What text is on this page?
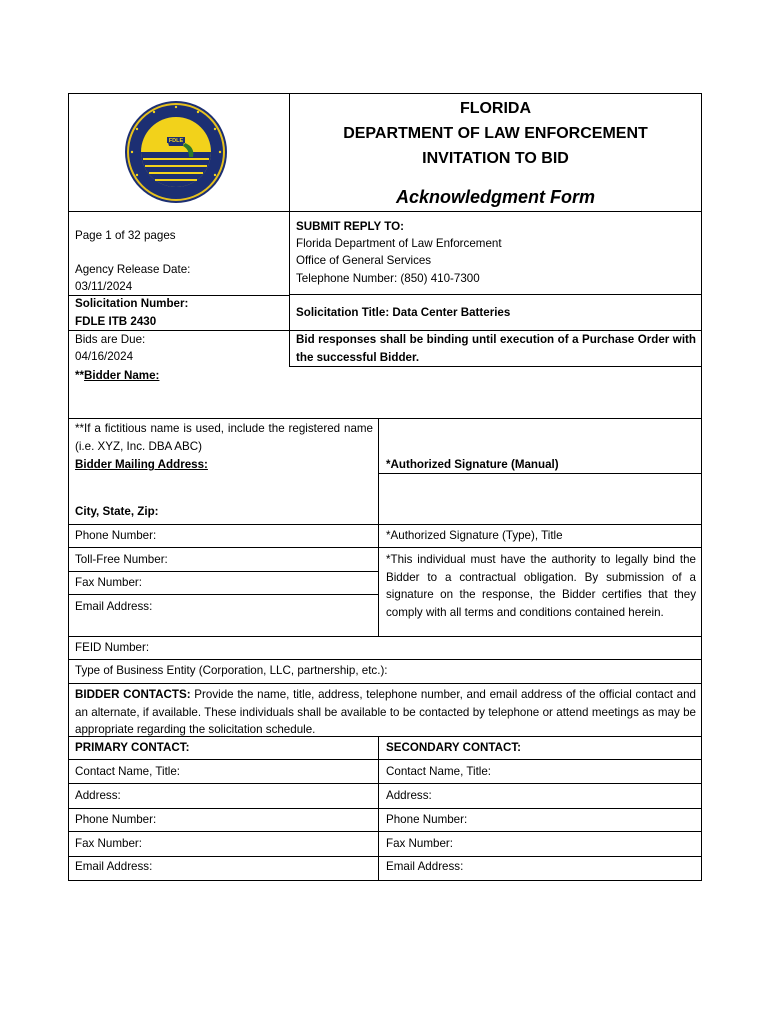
FDLE
FLORIDA
DEPARTMENT OF LAW ENFORCEMENT
INVITATION TO BID
Acknowledgment Form
Page 1 of 32 pages
Agency Release Date:
03/11/2024
Solicitation Number:
FDLE ITB 2430
Bids are Due:
04/16/2024
SUBMIT REPLY TO:
Florida Department of Law Enforcement
Office of General Services
Telephone Number: (850) 410-7300
Solicitation Title: Data Center Batteries
Bid responses shall be binding until execution of a Purchase Order with the successful Bidder.
**Bidder Name:
**If a fictitious name is used, include the registered name (i.e. XYZ, Inc. DBA ABC)
Bidder Mailing Address:
City, State, Zip:
Phone Number:
Toll-Free Number:
Fax Number:
Email Address:
FEID Number:
Type of Business Entity (Corporation, LLC, partnership, etc.):
*Authorized Signature (Manual)
*Authorized Signature (Type), Title
*This individual must have the authority to legally bind the Bidder to a contractual obligation. By submission of a signature on the response, the Bidder certifies that they comply with all terms and conditions contained herein.
BIDDER CONTACTS: Provide the name, title, address, telephone number, and email address of the official contact and an alternate, if available. These individuals shall be available to be contacted by telephone or attend meetings as may be appropriate regarding the solicitation schedule.
PRIMARY CONTACT:	SECONDARY CONTACT:
Contact Name, Title:
Address:
Phone Number:
Fax Number:
Email Address:
Contact Name, Title:
Address:
Phone Number:
Fax Number:
Email Address:
